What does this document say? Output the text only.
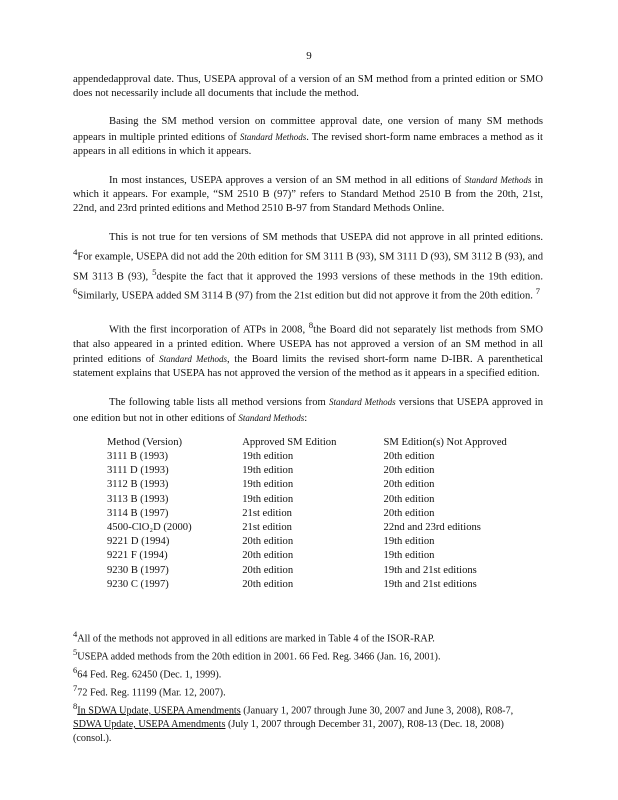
9

appendedapproval date. Thus, USEPA approval of a version of an SM method from a printed edition or SMO does not necessarily include all documents that include the method.

Basing the SM method version on committee approval date, one version of many SM methods appears in multiple printed editions of Standard Methods. The revised short-form name embraces a method as it appears in all editions in which it appears.

In most instances, USEPA approves a version of an SM method in all editions of Standard Methods in which it appears. For example, “SM 2510 B (97)” refers to Standard Method 2510 B from the 20th, 21st, 22nd, and 23rd printed editions and Method 2510 B-97 from Standard Methods Online.

This is not true for ten versions of SM methods that USEPA did not approve in all printed editions. $^4$For example, USEPA did not add the 20th edition for SM 3111 B (93), SM 3111 D (93), SM 3112 B (93), and SM 3113 B (93), $^5$despite the fact that it approved the 1993 versions of these methods in the 19th edition. $^6$Similarly, USEPA added SM 3114 B (97) from the 21st edition but did not approve it from the 20th edition. $^7$

With the first incorporation of ATPs in 2008, $^8$the Board did not separately list methods from SMO that also appeared in a printed edition. Where USEPA has not approved a version of an SM method in all printed editions of Standard Methods, the Board limits the revised short-form name D-IBR. A parenthetical statement explains that USEPA has not approved the version of the method as it appears in a specified edition.

The following table lists all method versions from Standard Methods versions that USEPA approved in one edition but not in other editions of Standard Methods:

Method (Version)	Approved SM Edition	SM Edition(s) Not Approved
3111 B (1993)	19th edition	20th edition
3111 D (1993)	19th edition	20th edition
3112 B (1993)	19th edition	20th edition
3113 B (1993)	19th edition	20th edition
3114 B (1997)	21st edition	20th edition
4500-ClO₂D (2000)	21st edition	22nd and 23rd editions
9221 D (1994)	20th edition	19th edition
9221 F (1994)	20th edition	19th edition
9230 B (1997)	20th edition	19th and 21st editions
9230 C (1997)	20th edition	19th and 21st editions
$^4$All of the methods not approved in all editions are marked in Table 4 of the ISOR-RAP.
$^5$USEPA added methods from the 20th edition in 2001. 66 Fed. Reg. 3466 (Jan. 16, 2001).
$^6$64 Fed. Reg. 62450 (Dec. 1, 1999).
$^7$72 Fed. Reg. 11199 (Mar. 12, 2007).
$^8$In SDWA Update, USEPA Amendments (January 1, 2007 through June 30, 2007 and June 3, 2008), R08-7, SDWA Update, USEPA Amendments (July 1, 2007 through December 31, 2007), R08-13 (Dec. 18, 2008) (consol.).
